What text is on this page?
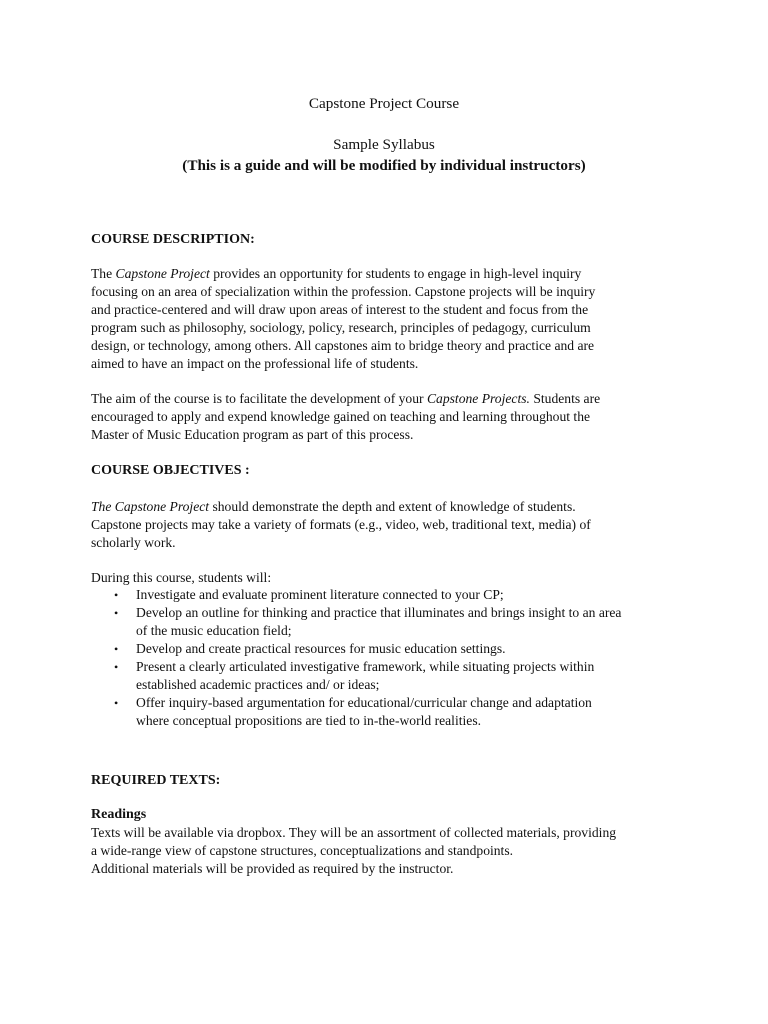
Capstone Project Course
Sample Syllabus
(This is a guide and will be modified by individual instructors)
COURSE DESCRIPTION:
The Capstone Project provides an opportunity for students to engage in high-level inquiry
focusing on an area of specialization within the profession. Capstone projects will be inquiry
and practice-centered and will draw upon areas of interest to the student and focus from the
program such as philosophy, sociology, policy, research, principles of pedagogy, curriculum
design, or technology, among others. All capstones aim to bridge theory and practice and are
aimed to have an impact on the professional life of students.
The aim of the course is to facilitate the development of your Capstone Projects. Students are
encouraged to apply and expend knowledge gained on teaching and learning throughout the
Master of Music Education program as part of this process.
COURSE OBJECTIVES :
The Capstone Project should demonstrate the depth and extent of knowledge of students.
Capstone projects may take a variety of formats (e.g., video, web, traditional text, media) of
scholarly work.
During this course, students will:
• Investigate and evaluate prominent literature connected to your CP;
• Develop an outline for thinking and practice that illuminates and brings insight to an area
of the music education field;
• Develop and create practical resources for music education settings.
• Present a clearly articulated investigative framework, while situating projects within
established academic practices and/ or ideas;
• Offer inquiry-based argumentation for educational/curricular change and adaptation
where conceptual propositions are tied to in-the-world realities.
REQUIRED TEXTS:
Readings
Texts will be available via dropbox. They will be an assortment of collected materials, providing
a wide-range view of capstone structures, conceptualizations and standpoints.
Additional materials will be provided as required by the instructor.
